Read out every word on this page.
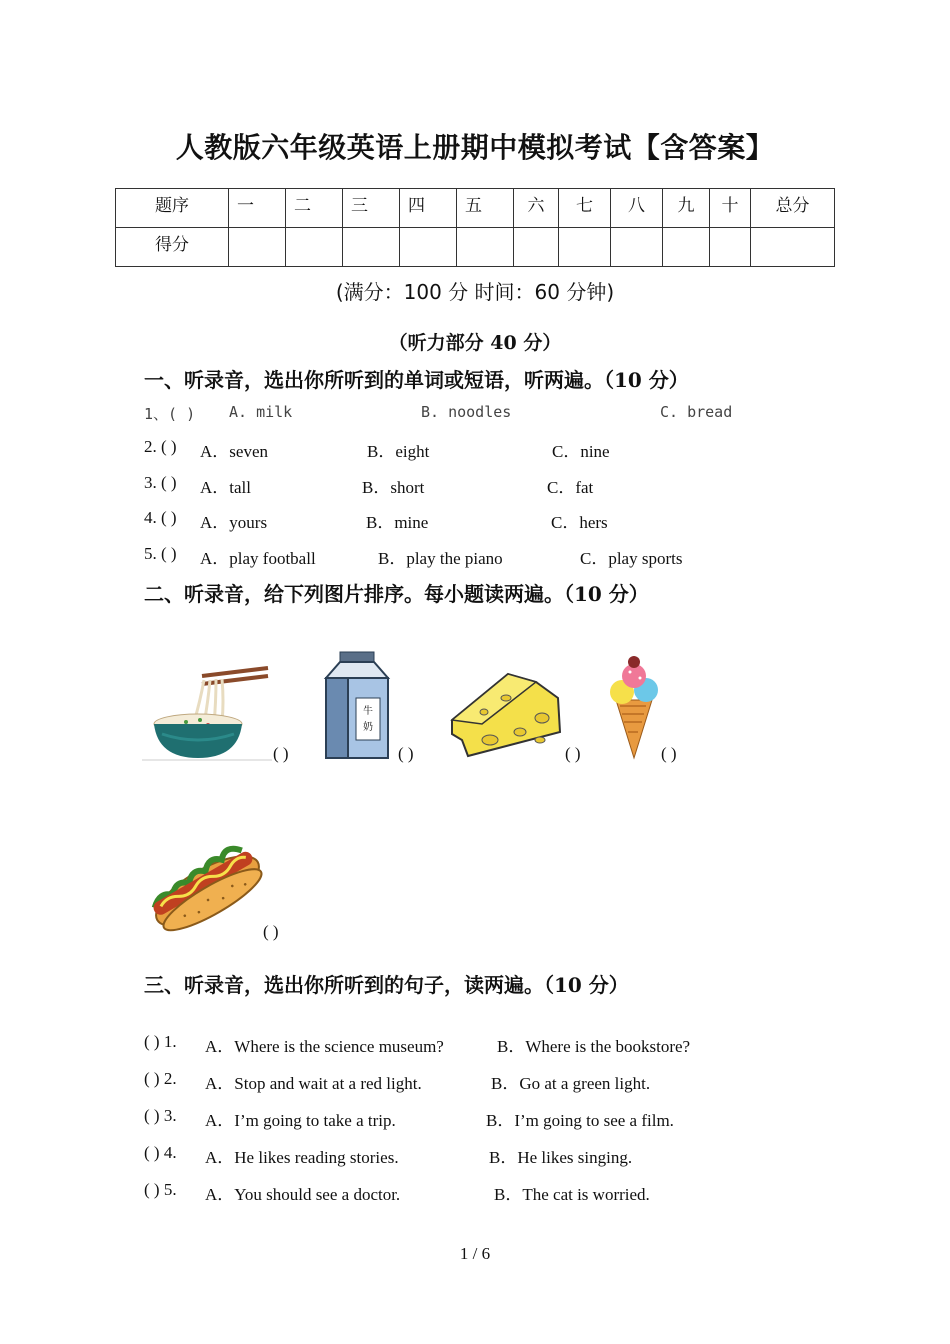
人教版六年级英语上册期中模拟考试【含答案】
题序	一	二	三	四	五	六	七	八	九	十	总分
得分											
(满分：100 分 时间：60 分钟)
（听力部分 40 分）
一、听录音，选出你所听到的单词或短语，听两遍。（10 分）
1、( ) A. milk	B. noodles	C. bread
2. ( ) A．seven	B．eight	C．nine
3. ( ) A．tall	B．short	C．fat
4. ( ) A．yours	B．mine	C．hers
5. ( ) A．play football	B．play the piano	C．play sports
二、听录音，给下列图片排序。每小题读两遍。（10 分）
( )
牛
奶
( )	( )	( )
( )
三、听录音，选出你所听到的句子，读两遍。（10 分）
( ) 1. A．Where is the science museum?	B．Where is the bookstore?
( ) 2. A．Stop and wait at a red light.	B．Go at a green light.
( ) 3. A．I’m going to take a trip.	B．I’m going to see a film.
( ) 4. A．He likes reading stories.	B．He likes singing.
( ) 5. A．You should see a doctor.	B．The cat is worried.
1 / 6
